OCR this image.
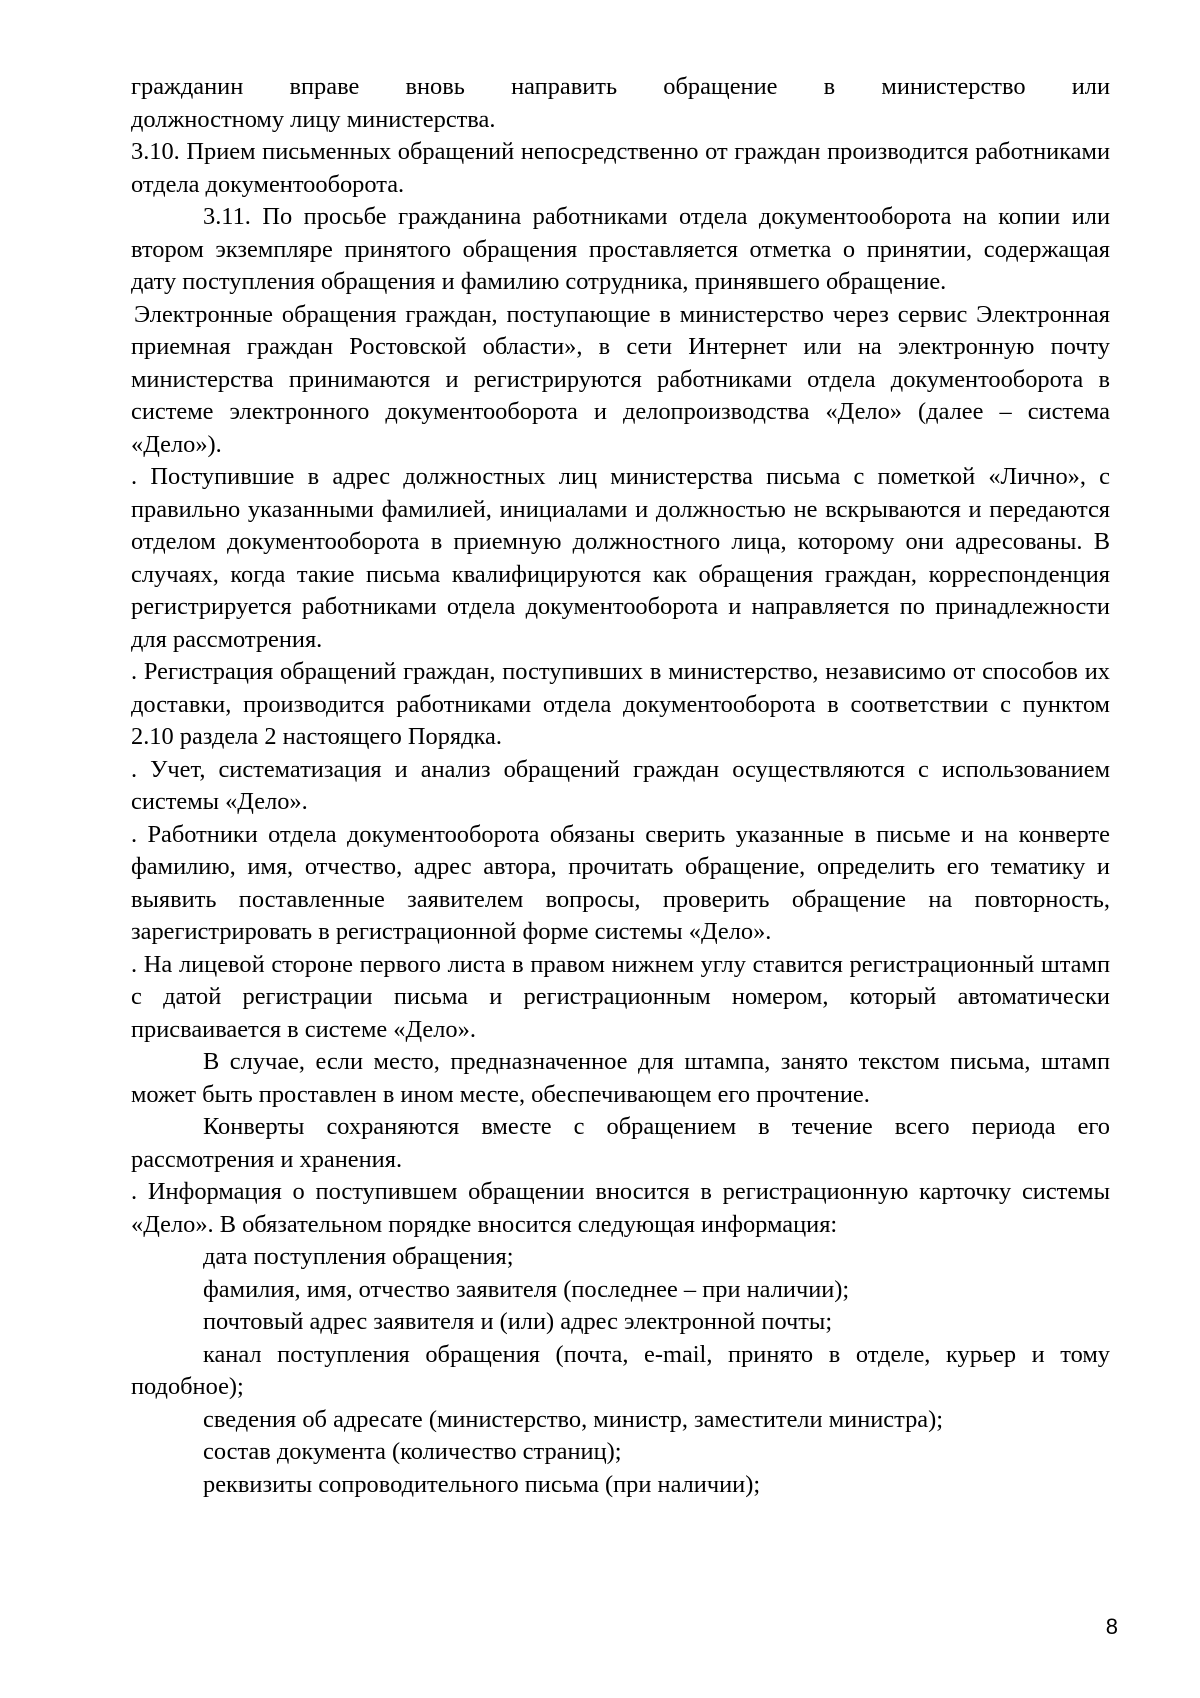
гражданин вправе вновь направить обращение в министерство или

должностному лицу министерства.

3.10. Прием письменных обращений непосредственно от граждан производится работниками отдела документооборота.

3.11. По просьбе гражданина работниками отдела документооборота на копии или втором экземпляре принятого обращения проставляется отметка о принятии, содержащая дату поступления обращения и фамилию сотрудника, принявшего обращение.

Электронные обращения граждан, поступающие в министерство через сервис Электронная приемная граждан Ростовской области», в сети Интернет или на электронную почту министерства принимаются и регистрируются работниками отдела документооборота в системе электронного документооборота и делопроизводства «Дело» (далее – система «Дело»).

. Поступившие в адрес должностных лиц министерства письма с пометкой «Лично», с правильно указанными фамилией, инициалами и должностью не вскрываются и передаются отделом документооборота в приемную должностного лица, которому они адресованы. В случаях, когда такие письма квалифицируются как обращения граждан, корреспонденция регистрируется работниками отдела документооборота и направляется по принадлежности для рассмотрения.

. Регистрация обращений граждан, поступивших в министерство, независимо от способов их доставки, производится работниками отдела документооборота в соответствии с пунктом 2.10 раздела 2 настоящего Порядка.

. Учет, систематизация и анализ обращений граждан осуществляются с использованием системы «Дело».

. Работники отдела документооборота обязаны сверить указанные в письме и на конверте фамилию, имя, отчество, адрес автора, прочитать обращение, определить его тематику и выявить поставленные заявителем вопросы, проверить обращение на повторность, зарегистрировать в регистрационной форме системы «Дело».

. На лицевой стороне первого листа в правом нижнем углу ставится регистрационный штамп с датой регистрации письма и регистрационным номером, который автоматически присваивается в системе «Дело».

В случае, если место, предназначенное для штампа, занято текстом письма, штамп может быть проставлен в ином месте, обеспечивающем его прочтение.

Конверты сохраняются вместе с обращением в течение всего периода его рассмотрения и хранения.

. Информация о поступившем обращении вносится в регистрационную карточку системы «Дело». В обязательном порядке вносится следующая информация:

дата поступления обращения;

фамилия, имя, отчество заявителя (последнее – при наличии);

почтовый адрес заявителя и (или) адрес электронной почты;

канал поступления обращения (почта, e-mail, принято в отделе, курьер и тому подобное);

сведения об адресате (министерство, министр, заместители министра);

состав документа (количество страниц);

реквизиты сопроводительного письма (при наличии);

8
